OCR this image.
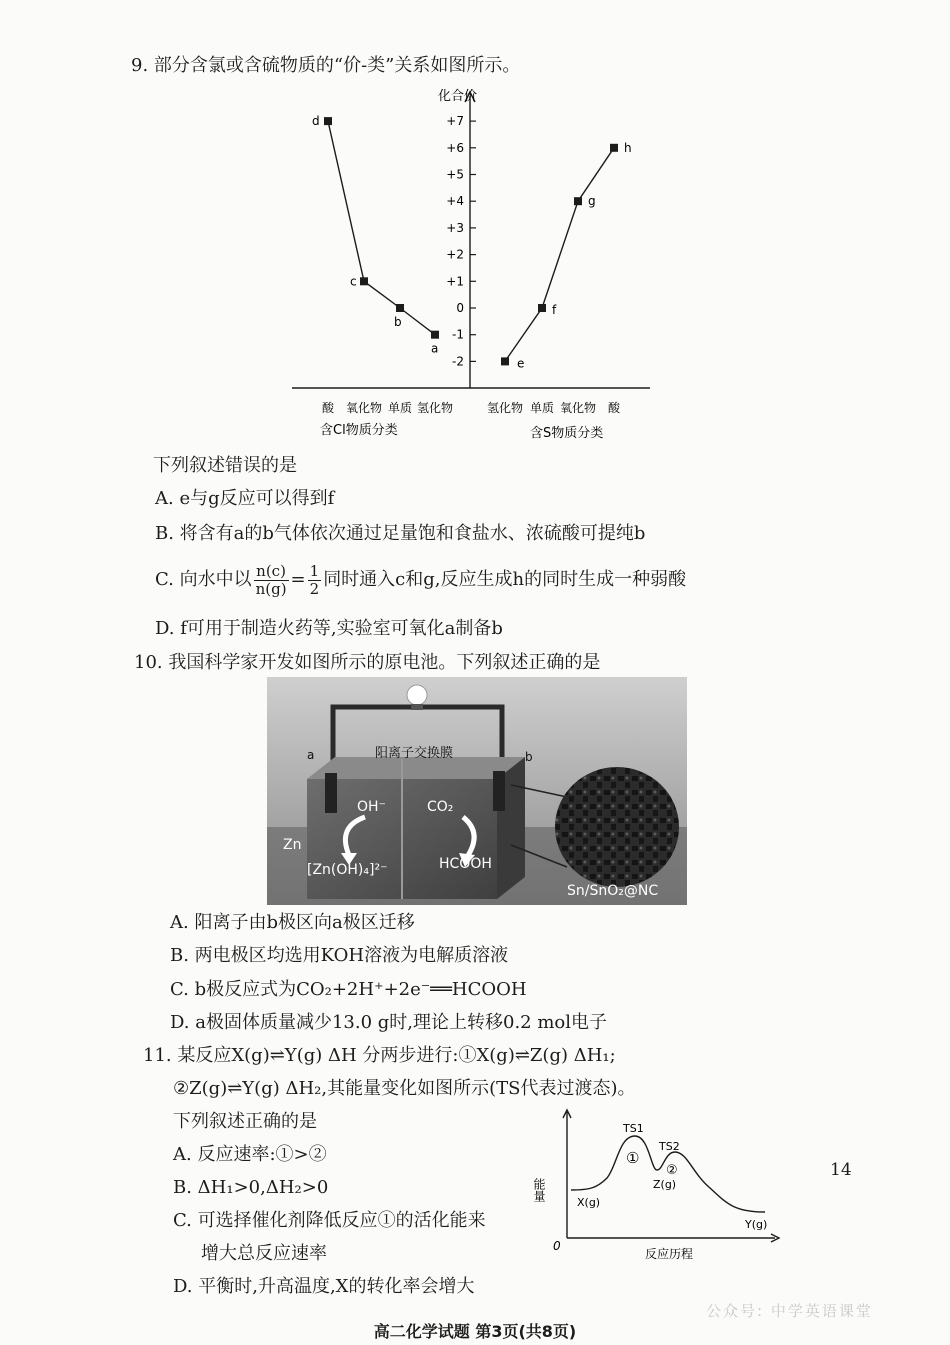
9. 部分含氯或含硫物质的“价-类”关系如图所示。
化合价
+7
+6
+5
+4
+3
+2
+1
0
-1
-2
d
c
b
a
e
f
g
h
酸 氧化物 单质 氢化物	氢化物 单质 氧化物 酸
含Cl物质分类	含S物质分类
下列叙述错误的是
A. e与g反应可以得到f
B. 将含有a的b气体依次通过足量饱和食盐水、浓硫酸可提纯b
C. 向水中以 $\frac{n(c)}{n(g)} = \frac{1}{2}$ 同时通入c和g,反应生成h的同时生成一种弱酸
D. f可用于制造火药等,实验室可氧化a制备b
10. 我国科学家开发如图所示的原电池。下列叙述正确的是
a	b
阳离子交换膜
OH⁻	CO₂
Zn
[Zn(OH)₄]²⁻	HCOOH
Sn/SnO₂@NC
A. 阳离子由b极区向a极区迁移
B. 两电极区均选用KOH溶液为电解质溶液
C. b极反应式为CO₂+2H⁺+2e⁻══HCOOH
D. a极固体质量减少13.0 g时,理论上转移0.2 mol电子
11. 某反应X(g)⇌Y(g) ΔH 分两步进行:①X(g)⇌Z(g) ΔH₁;
②Z(g)⇌Y(g) ΔH₂,其能量变化如图所示(TS代表过渡态)。
下列叙述正确的是
A. 反应速率:①>②
B. ΔH₁>0,ΔH₂>0
C. 可选择催化剂降低反应①的活化能来
增大总反应速率
D. 平衡时,升高温度,X的转化率会增大
能量
反应历程
0
TS1
TS2
①
②
X(g)
Z(g)
Y(g)
14
公众号: 中学英语课堂
高二化学试题 第3页(共8页)
